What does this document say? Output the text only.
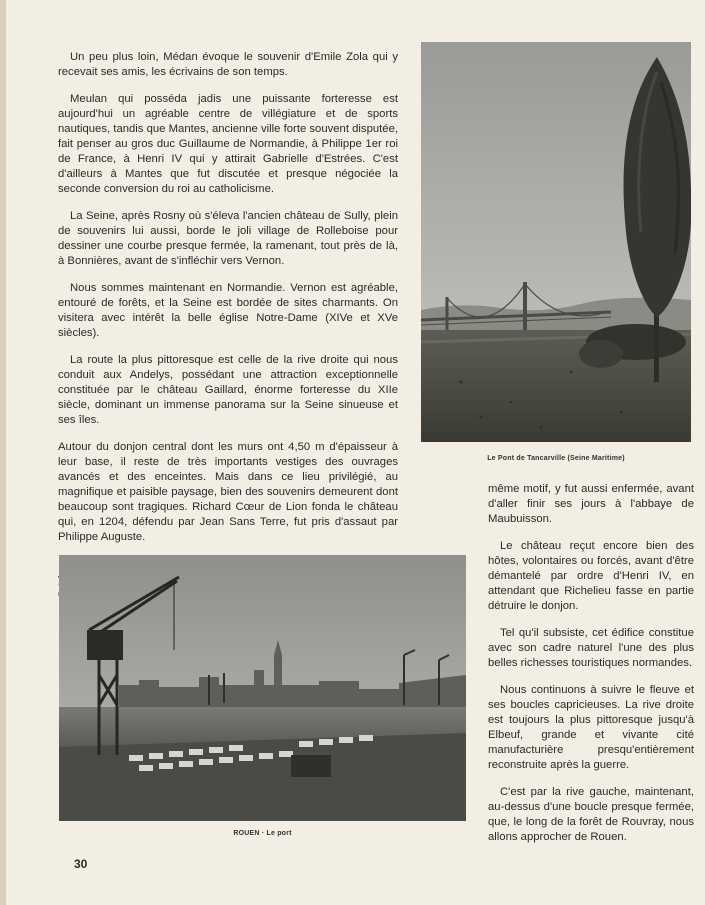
Un peu plus loin, Médan évoque le souvenir d'Emile Zola qui y recevait ses amis, les écrivains de son temps.

Meulan qui posséda jadis une puissante forteresse est aujourd'hui un agréable centre de villégiature et de sports nautiques, tandis que Mantes, ancienne ville forte souvent disputée, fait penser au gros duc Guillaume de Normandie, à Philippe 1er roi de France, à Henri IV qui y attirait Gabrielle d'Estrées. C'est d'ailleurs à Mantes que fut discutée et presque négociée la seconde conversion du roi au catholicisme.

La Seine, après Rosny où s'éleva l'ancien château de Sully, plein de souvenirs lui aussi, borde le joli village de Rolleboise pour dessiner une courbe presque fermée, la ramenant, tout près de là, à Bonnières, avant de s'infléchir vers Vernon.

Nous sommes maintenant en Normandie. Vernon est agréable, entouré de forêts, et la Seine est bordée de sites charmants. On visitera avec intérêt la belle église Notre-Dame (XIVe et XVe siècles).

La route la plus pittoresque est celle de la rive droite qui nous conduit aux Andelys, possédant une attraction exceptionnelle constituée par le château Gaillard, énorme forteresse du XIIe siècle, dominant un immense panorama sur la Seine sinueuse et ses îles.

Autour du donjon central dont les murs ont 4,50 m d'épaisseur à leur base, il reste de très importants vestiges des ouvrages avancés et des enceintes. Mais dans ce lieu privilégié, au magnifique et paisible paysage, bien des souvenirs demeurent dont beaucoup sont tragiques. Richard Cœur de Lion fonda le château qui, en 1204, défendu par Jean Sans Terre, fut pris d'assaut par Philippe Auguste.

Le Pont de Tancarville (Seine Maritime)

même motif, y fut aussi enfermée, avant d'aller finir ses jours à l'abbaye de Maubuisson.

Le château reçut encore bien des hôtes, volontaires ou forcés, avant d'être démantelé par ordre d'Henri IV, en attendant que Richelieu fasse en partie détruire le donjon.

Tel qu'il subsiste, cet édifice constitue avec son cadre naturel l'une des plus belles richesses touristiques normandes.

Nous continuons à suivre le fleuve et ses boucles capricieuses. La rive droite est toujours la plus pittoresque jusqu'à Elbeuf, grande et vivante cité manufacturière presqu'entièrement reconstruite après la guerre.

C'est par la rive gauche, maintenant, au-dessus d'une boucle presque fermée, que, le long de la forêt de Rouvray, nous allons approcher de Rouen.

ROUEN · Le port
30
